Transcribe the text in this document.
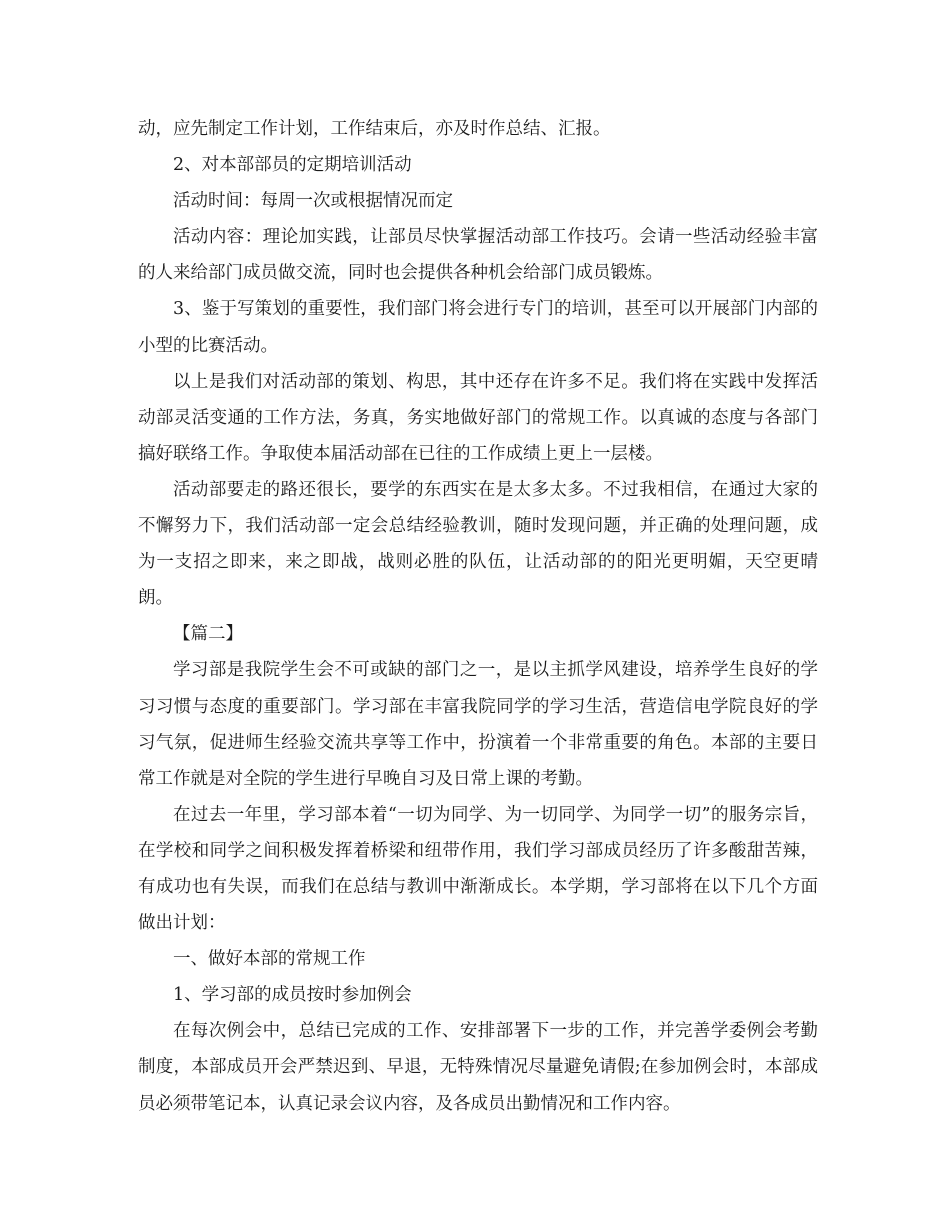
动，应先制定工作计划，工作结束后，亦及时作总结、汇报。

2、对本部部员的定期培训活动

活动时间：每周一次或根据情况而定

活动内容：理论加实践，让部员尽快掌握活动部工作技巧。会请一些活动经验丰富的人来给部门成员做交流，同时也会提供各种机会给部门成员锻炼。

3、鉴于写策划的重要性，我们部门将会进行专门的培训，甚至可以开展部门内部的小型的比赛活动。

以上是我们对活动部的策划、构思，其中还存在许多不足。我们将在实践中发挥活动部灵活变通的工作方法，务真，务实地做好部门的常规工作。以真诚的态度与各部门搞好联络工作。争取使本届活动部在已往的工作成绩上更上一层楼。

活动部要走的路还很长，要学的东西实在是太多太多。不过我相信，在通过大家的不懈努力下，我们活动部一定会总结经验教训，随时发现问题，并正确的处理问题，成为一支招之即来，来之即战，战则必胜的队伍，让活动部的的阳光更明媚，天空更晴朗。

【篇二】

学习部是我院学生会不可或缺的部门之一，是以主抓学风建设，培养学生良好的学习习惯与态度的重要部门。学习部在丰富我院同学的学习生活，营造信电学院良好的学习气氛，促进师生经验交流共享等工作中，扮演着一个非常重要的角色。本部的主要日常工作就是对全院的学生进行早晚自习及日常上课的考勤。

在过去一年里，学习部本着“一切为同学、为一切同学、为同学一切”的服务宗旨，在学校和同学之间积极发挥着桥梁和纽带作用，我们学习部成员经历了许多酸甜苦辣，有成功也有失误，而我们在总结与教训中渐渐成长。本学期，学习部将在以下几个方面做出计划：

一、做好本部的常规工作

1、学习部的成员按时参加例会

在每次例会中，总结已完成的工作、安排部署下一步的工作，并完善学委例会考勤制度，本部成员开会严禁迟到、早退，无特殊情况尽量避免请假;在参加例会时，本部成员必须带笔记本，认真记录会议内容，及各成员出勤情况和工作内容。
